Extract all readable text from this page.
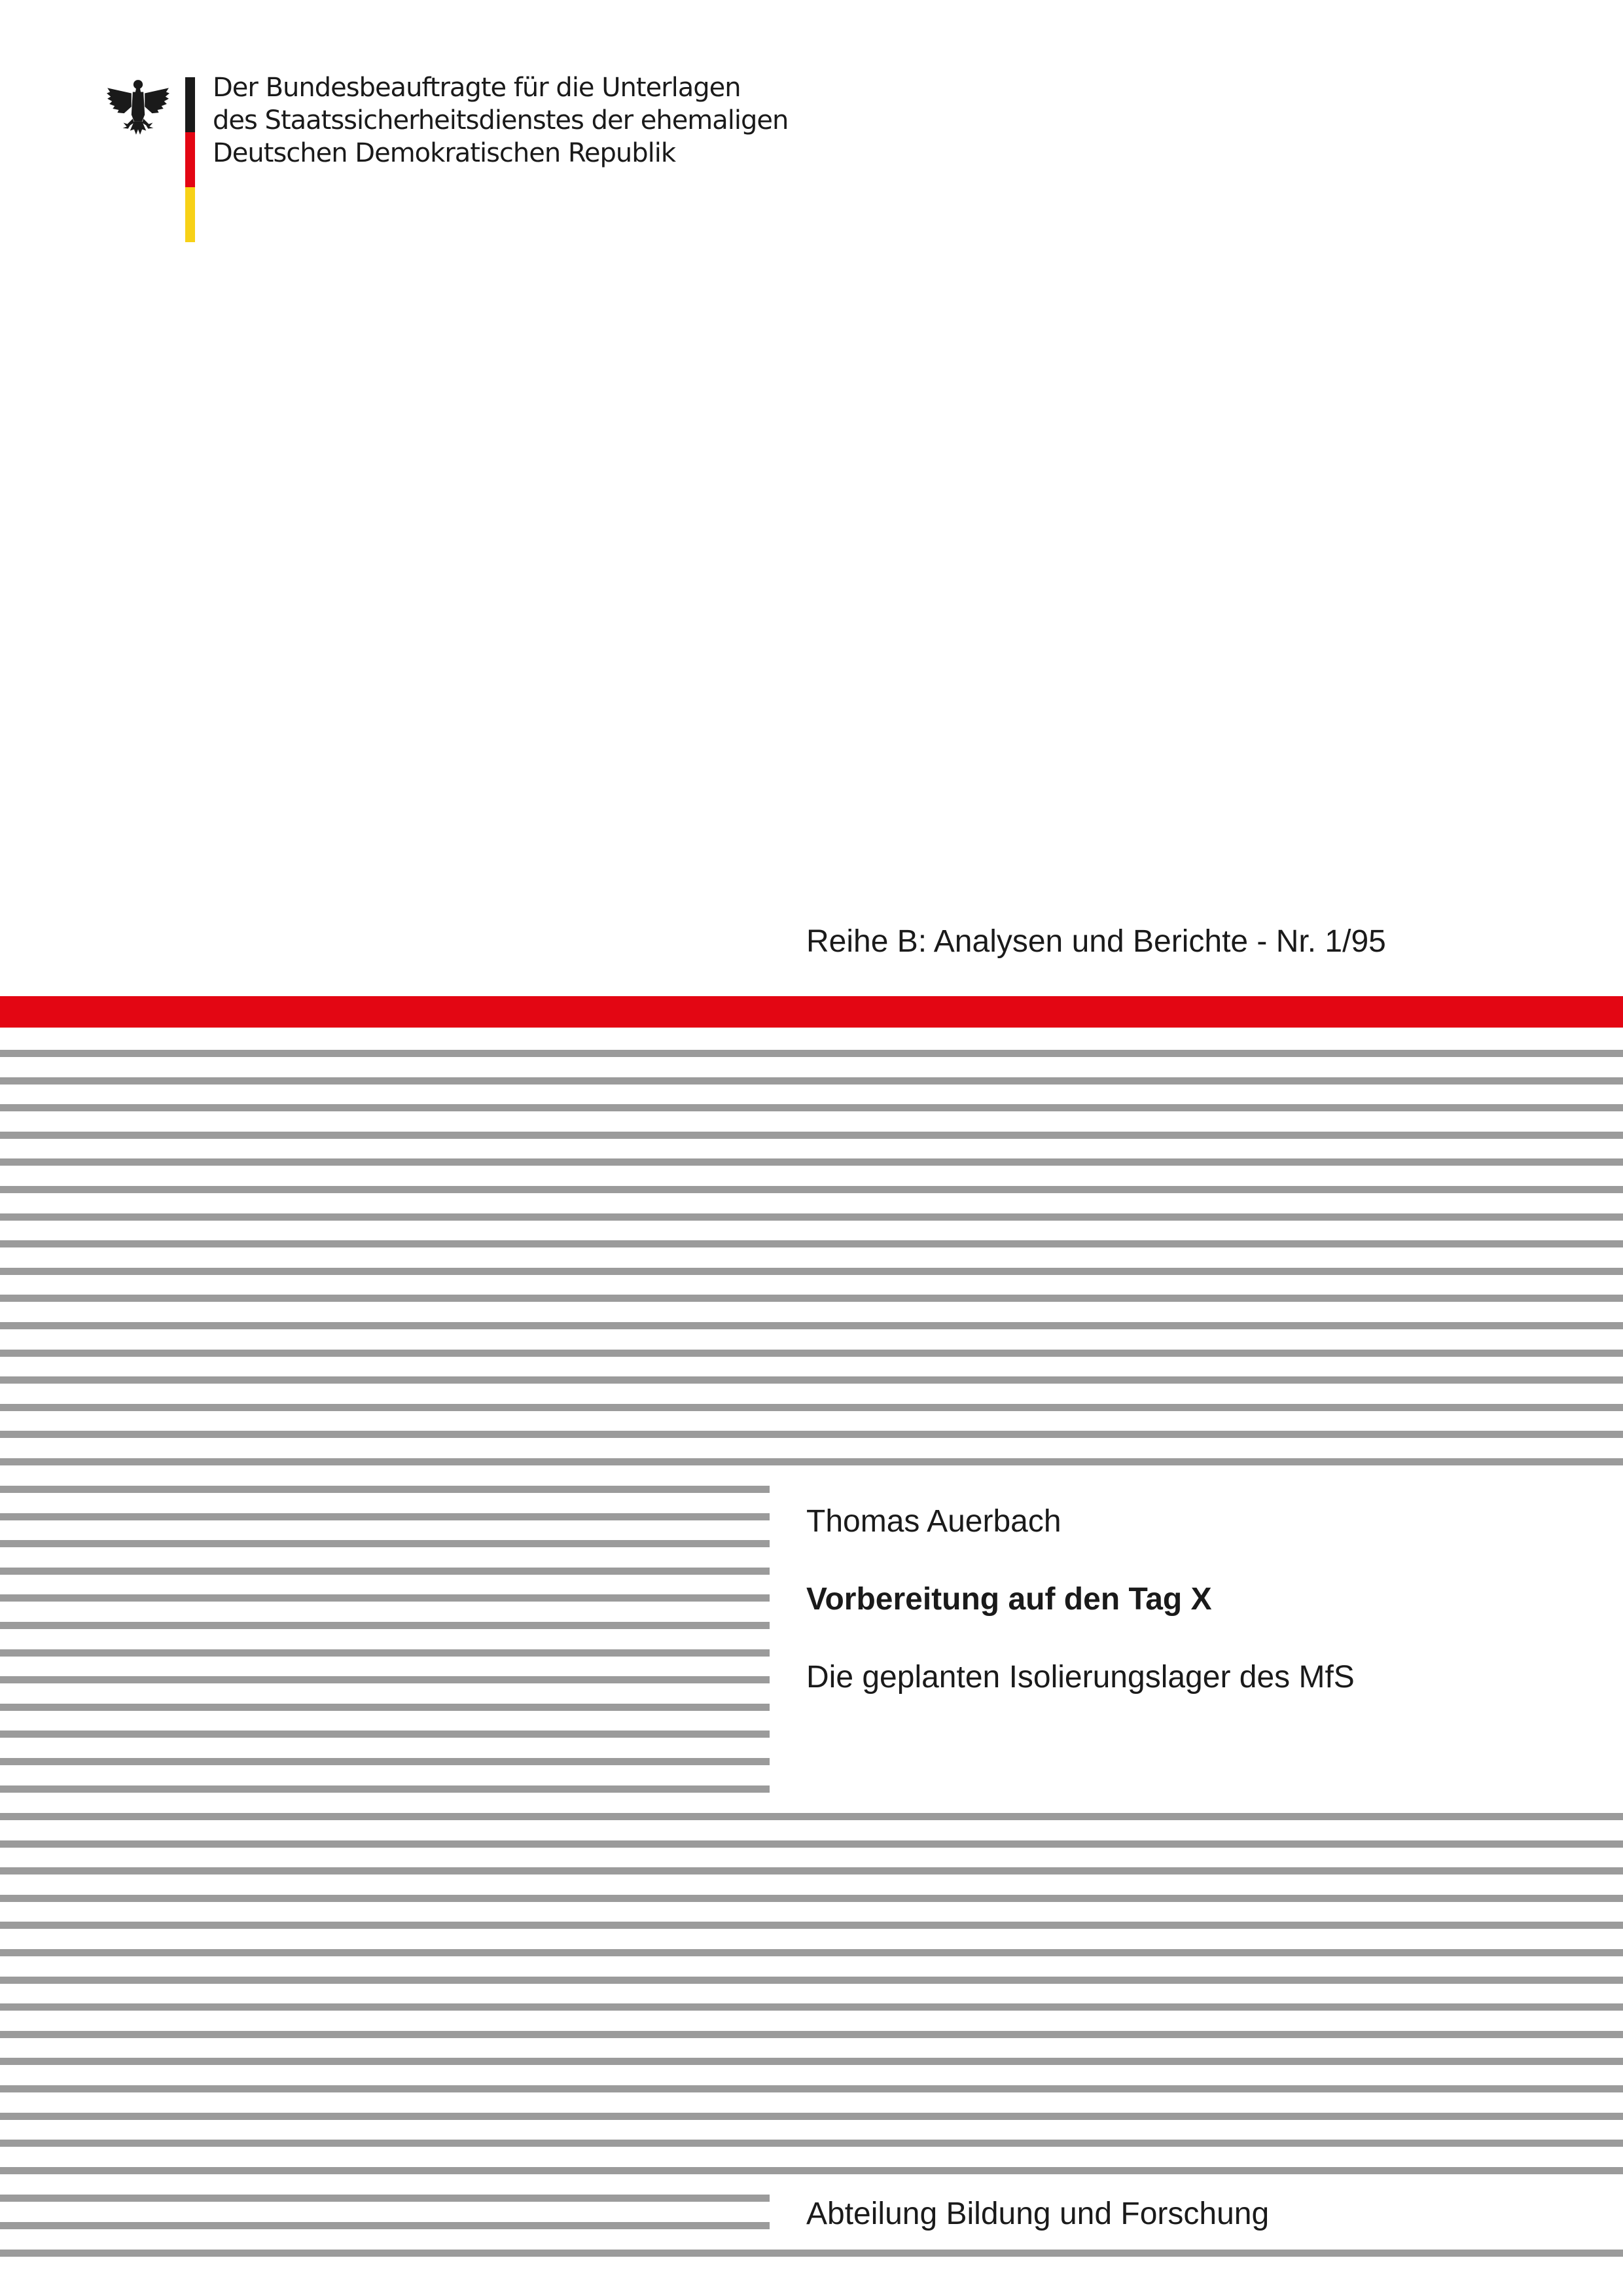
Der Bundesbeauftragte für die Unterlagen
des Staatssicherheitsdienstes der ehemaligen
Deutschen Demokratischen Republik
Reihe B: Analysen und Berichte - Nr. 1/95
Thomas Auerbach
Vorbereitung auf den Tag X
Die geplanten Isolierungslager des MfS
Abteilung Bildung und Forschung
